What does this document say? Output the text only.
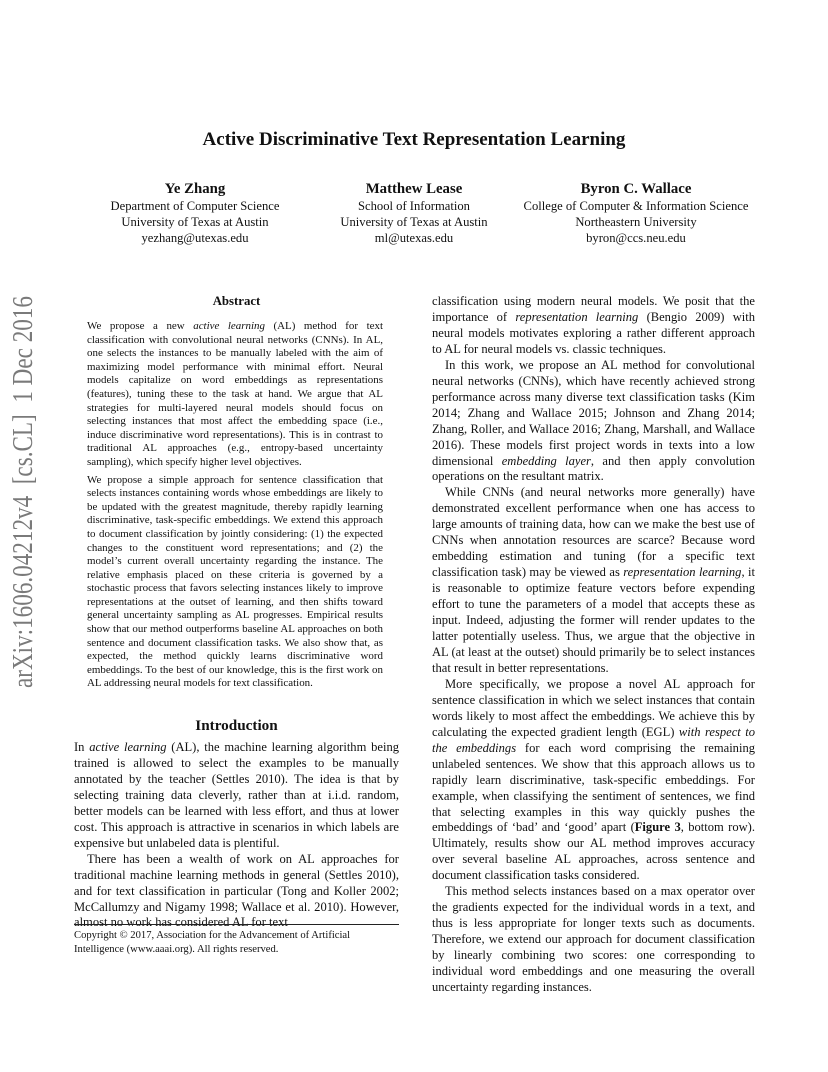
arXiv:1606.04212v4  [cs.CL]  1 Dec 2016
Active Discriminative Text Representation Learning
Ye Zhang
Department of Computer Science
University of Texas at Austin
yezhang@utexas.edu
Matthew Lease
School of Information
University of Texas at Austin
ml@utexas.edu
Byron C. Wallace
College of Computer & Information Science
Northeastern University
byron@ccs.neu.edu
Abstract

We propose a new active learning (AL) method for text classification with convolutional neural networks (CNNs). In AL, one selects the instances to be manually labeled with the aim of maximizing model performance with minimal effort. Neural models capitalize on word embeddings as representations (features), tuning these to the task at hand. We argue that AL strategies for multi-layered neural models should focus on selecting instances that most affect the embedding space (i.e., induce discriminative word representations). This is in contrast to traditional AL approaches (e.g., entropy-based uncertainty sampling), which specify higher level objectives.

We propose a simple approach for sentence classification that selects instances containing words whose embeddings are likely to be updated with the greatest magnitude, thereby rapidly learning discriminative, task-specific embeddings. We extend this approach to document classification by jointly considering: (1) the expected changes to the constituent word representations; and (2) the model’s current overall uncertainty regarding the instance. The relative emphasis placed on these criteria is governed by a stochastic process that favors selecting instances likely to improve representations at the outset of learning, and then shifts toward general uncertainty sampling as AL progresses. Empirical results show that our method outperforms baseline AL approaches on both sentence and document classification tasks. We also show that, as expected, the method quickly learns discriminative word embeddings. To the best of our knowledge, this is the first work on AL addressing neural models for text classification.

Introduction

In active learning (AL), the machine learning algorithm being trained is allowed to select the examples to be manually annotated by the teacher (Settles 2010). The idea is that by selecting training data cleverly, rather than at i.i.d. random, better models can be learned with less effort, and thus at lower cost. This approach is attractive in scenarios in which labels are expensive but unlabeled data is plentiful.

There has been a wealth of work on AL approaches for traditional machine learning methods in general (Settles 2010), and for text classification in particular (Tong and Koller 2002; McCallumzy and Nigamy 1998; Wallace et al. 2010). However, almost no work has considered AL for text

Copyright © 2017, Association for the Advancement of Artificial Intelligence (www.aaai.org). All rights reserved.

classification using modern neural models. We posit that the importance of representation learning (Bengio 2009) with neural models motivates exploring a rather different approach to AL for neural models vs. classic techniques.

In this work, we propose an AL method for convolutional neural networks (CNNs), which have recently achieved strong performance across many diverse text classification tasks (Kim 2014; Zhang and Wallace 2015; Johnson and Zhang 2014; Zhang, Roller, and Wallace 2016; Zhang, Marshall, and Wallace 2016). These models first project words in texts into a low dimensional embedding layer, and then apply convolution operations on the resultant matrix.

While CNNs (and neural networks more generally) have demonstrated excellent performance when one has access to large amounts of training data, how can we make the best use of CNNs when annotation resources are scarce? Because word embedding estimation and tuning (for a specific text classification task) may be viewed as representation learning, it is reasonable to optimize feature vectors before expending effort to tune the parameters of a model that accepts these as input. Indeed, adjusting the former will render updates to the latter potentially useless. Thus, we argue that the objective in AL (at least at the outset) should primarily be to select instances that result in better representations.

More specifically, we propose a novel AL approach for sentence classification in which we select instances that contain words likely to most affect the embeddings. We achieve this by calculating the expected gradient length (EGL) with respect to the embeddings for each word comprising the remaining unlabeled sentences. We show that this approach allows us to rapidly learn discriminative, task-specific embeddings. For example, when classifying the sentiment of sentences, we find that selecting examples in this way quickly pushes the embeddings of ‘bad’ and ‘good’ apart (Figure 3, bottom row). Ultimately, results show our AL method improves accuracy over several baseline AL approaches, across sentence and document classification tasks considered.

This method selects instances based on a max operator over the gradients expected for the individual words in a text, and thus is less appropriate for longer texts such as documents. Therefore, we extend our approach for document classification by linearly combining two scores: one corresponding to individual word embeddings and one measuring the overall uncertainty regarding instances.
